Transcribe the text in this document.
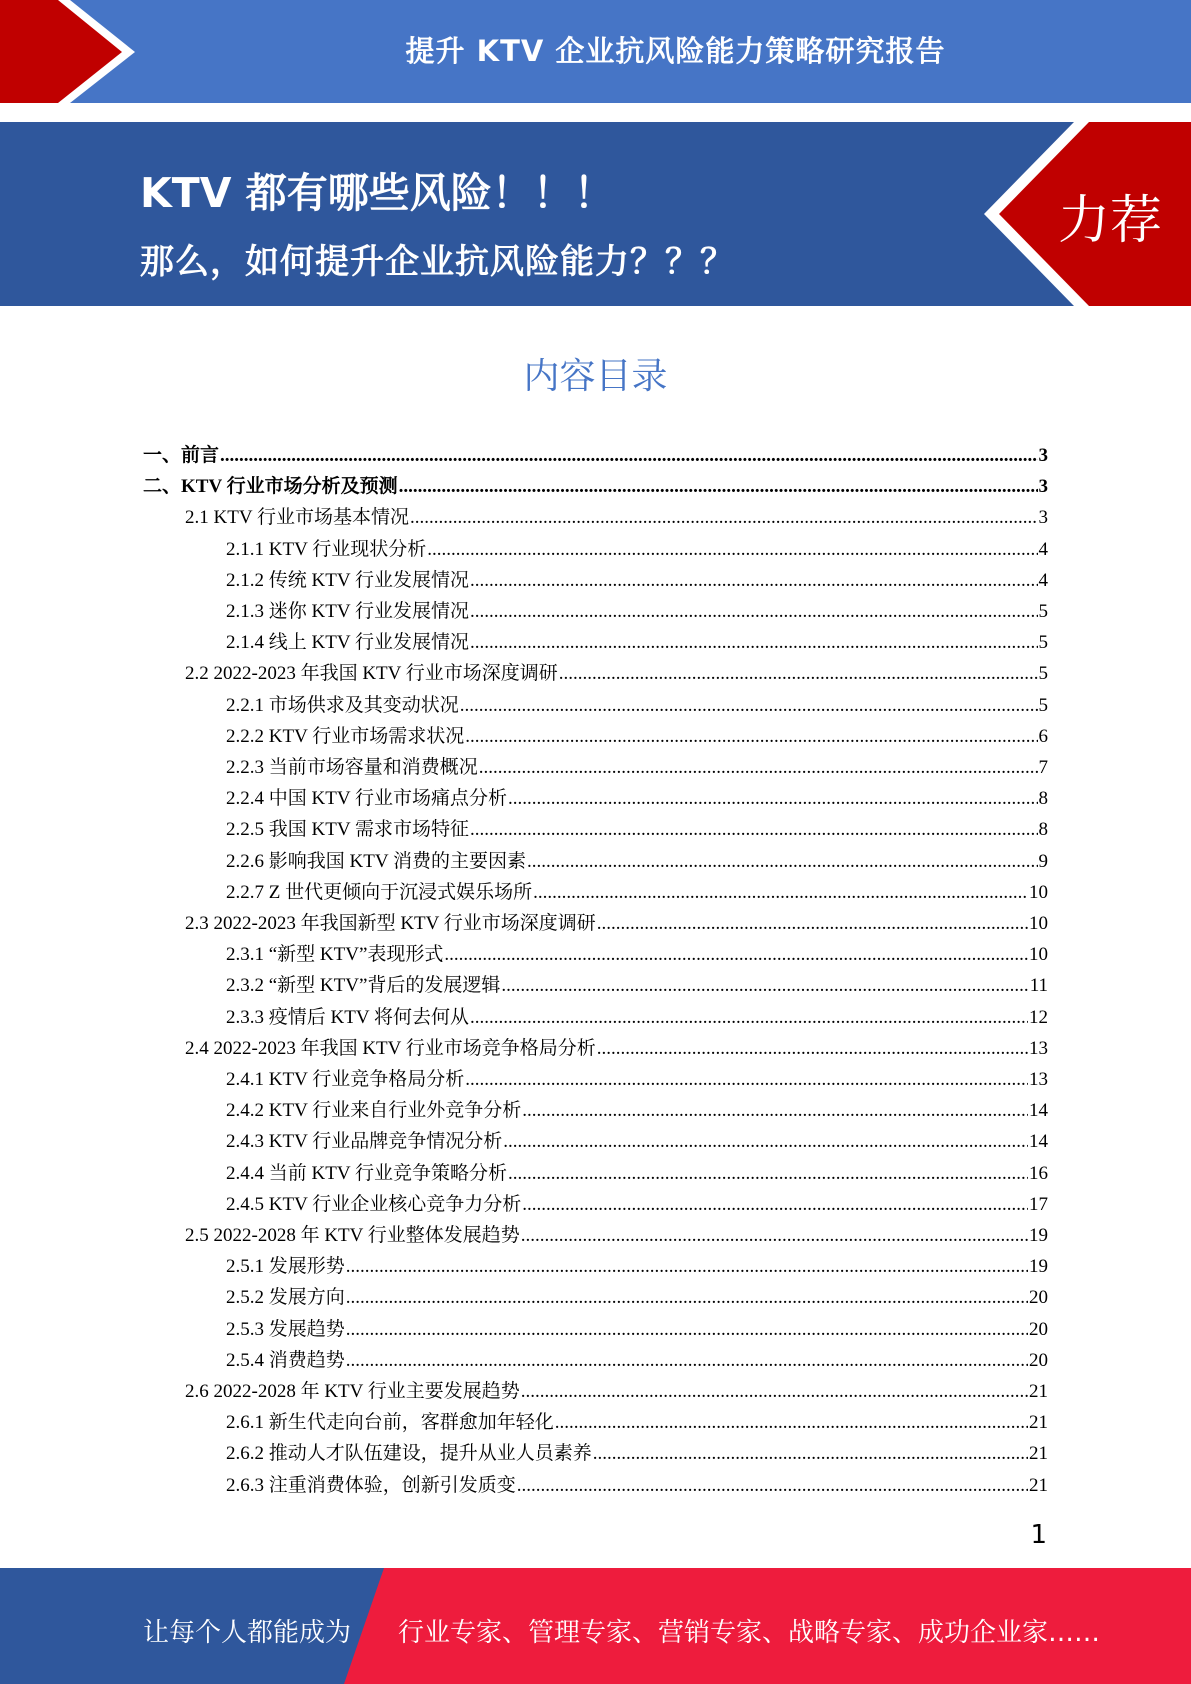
提升 KTV 企业抗风险能力策略研究报告
KTV 都有哪些风险！！！
那么，如何提升企业抗风险能力？？？
力荐
内容目录
一、前言 .....	3
二、KTV 行业市场分析及预测 .....	3
2.1 KTV 行业市场基本情况 .....	3
2.1.1 KTV 行业现状分析 .....	4
2.1.2 传统 KTV 行业发展情况 .....	4
2.1.3 迷你 KTV 行业发展情况 .....	5
2.1.4 线上 KTV 行业发展情况 .....	5
2.2 2022-2023 年我国 KTV 行业市场深度调研 .....	5
2.2.1 市场供求及其变动状况 .....	5
2.2.2 KTV 行业市场需求状况 .....	6
2.2.3 当前市场容量和消费概况 .....	7
2.2.4 中国 KTV 行业市场痛点分析 .....	8
2.2.5 我国 KTV 需求市场特征 .....	8
2.2.6 影响我国 KTV 消费的主要因素 .....	9
2.2.7 Z 世代更倾向于沉浸式娱乐场所 .....	10
2.3 2022-2023 年我国新型 KTV 行业市场深度调研 .....	10
2.3.1 “新型 KTV”表现形式 .....	10
2.3.2 “新型 KTV”背后的发展逻辑 .....	11
2.3.3 疫情后 KTV 将何去何从 .....	12
2.4 2022-2023 年我国 KTV 行业市场竞争格局分析 .....	13
2.4.1 KTV 行业竞争格局分析 .....	13
2.4.2 KTV 行业来自行业外竞争分析 .....	14
2.4.3 KTV 行业品牌竞争情况分析 .....	14
2.4.4 当前 KTV 行业竞争策略分析 .....	16
2.4.5 KTV 行业企业核心竞争力分析 .....	17
2.5 2022-2028 年 KTV 行业整体发展趋势 .....	19
2.5.1 发展形势 .....	19
2.5.2 发展方向 .....	20
2.5.3 发展趋势 .....	20
2.5.4 消费趋势 .....	20
2.6 2022-2028 年 KTV 行业主要发展趋势 .....	21
2.6.1 新生代走向台前，客群愈加年轻化 .....	21
2.6.2 推动人才队伍建设，提升从业人员素养 .....	21
2.6.3 注重消费体验，创新引发质变 .....	21
1
让每个人都能成为 行业专家、管理专家、营销专家、战略专家、成功企业家……
